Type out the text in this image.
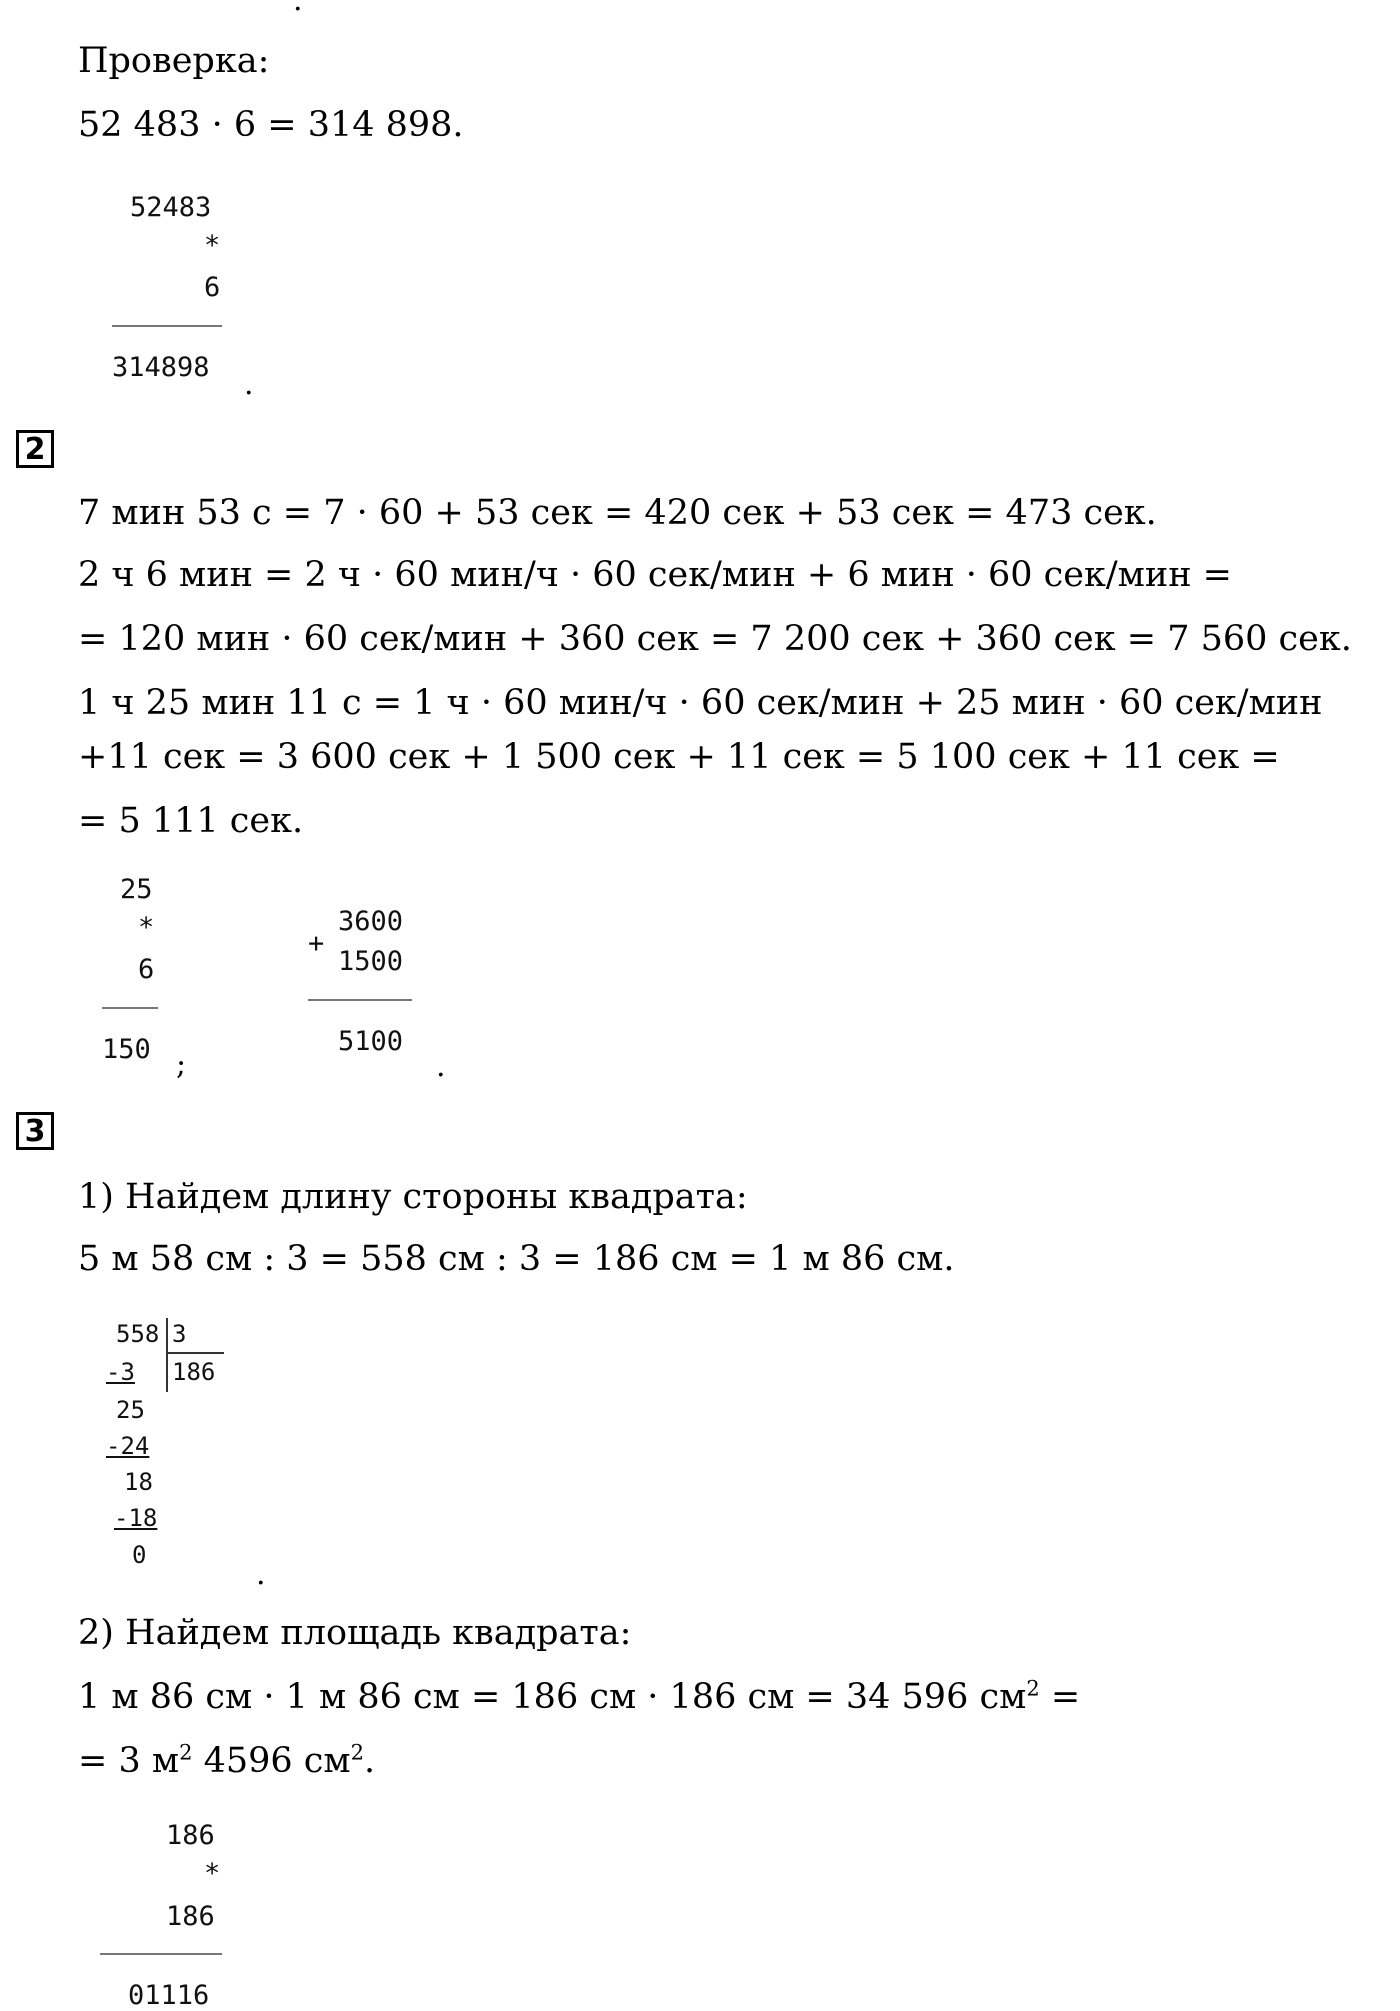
.
Проверка:
52 483 · 6 = 314 898.
52483
*
6
314898 .
2
7 мин 53 с = 7 · 60 + 53 сек = 420 сек + 53 сек = 473 сек.
2 ч 6 мин = 2 ч · 60 мин/ч · 60 сек/мин + 6 мин · 60 сек/мин =
= 120 мин · 60 сек/мин + 360 сек = 7 200 сек + 360 сек = 7 560 сек.
1 ч 25 мин 11 с = 1 ч · 60 мин/ч · 60 сек/мин + 25 мин · 60 сек/мин
+11 сек = 3 600 сек + 1 500 сек + 11 сек = 5 100 сек + 11 сек =
= 5 111 сек.
25
*
6
150 ;
+
3600
1500
5100
.
3
1) Найдем длину стороны квадрата:
5 м 58 см : 3 = 558 см : 3 = 186 см = 1 м 86 см.
558 3
186
-3
25
-24
18
-18
0
.
2) Найдем площадь квадрата:
1 м 86 см · 1 м 86 см = 186 см · 186 см = 34 596 $см^2$ =
= 3 $м^2$ 4596 $см^2$.
186
*
186
01116
